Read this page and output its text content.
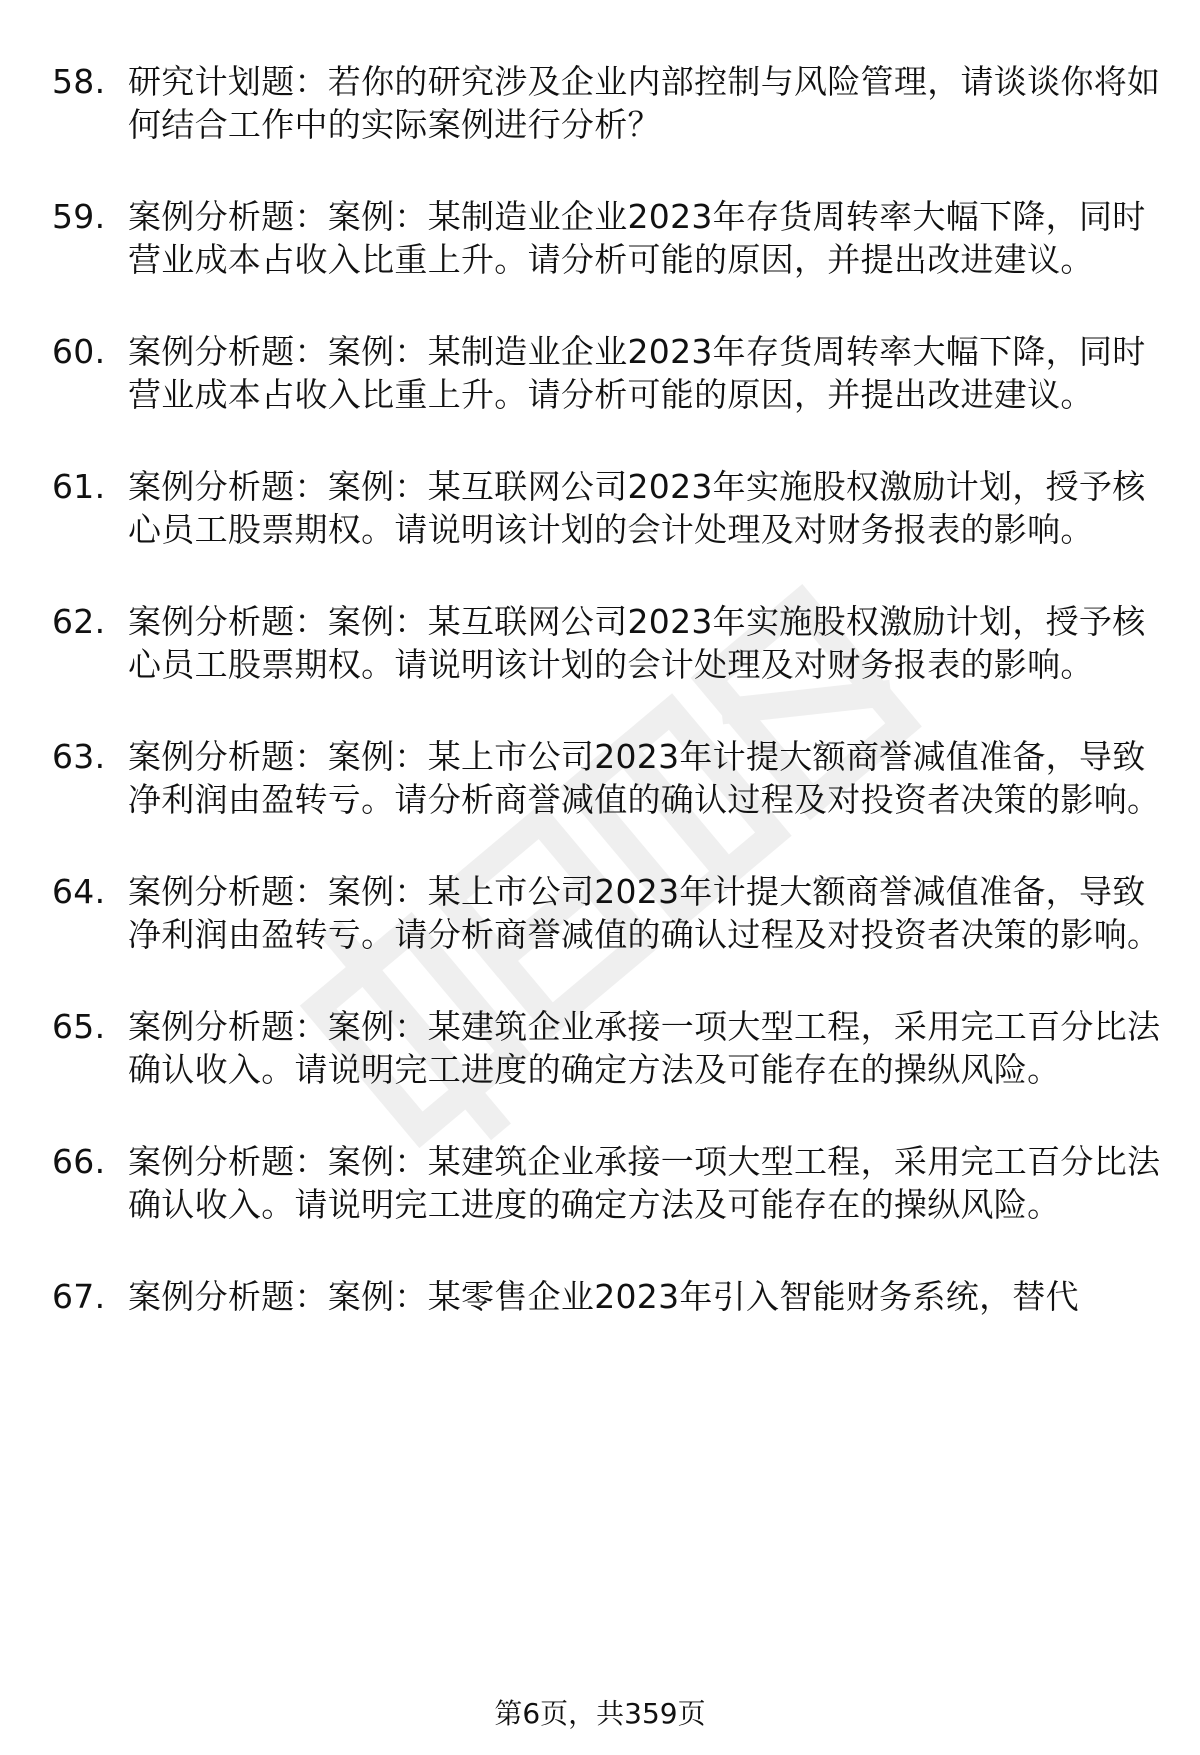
58. 研究计划题：若你的研究涉及企业内部控制与风险管理，请谈谈你将如何结合工作中的实际案例进行分析？
59. 案例分析题：案例：某制造业企业2023年存货周转率大幅下降，同时营业成本占收入比重上升。请分析可能的原因，并提出改进建议。
60. 案例分析题：案例：某制造业企业2023年存货周转率大幅下降，同时营业成本占收入比重上升。请分析可能的原因，并提出改进建议。
61. 案例分析题：案例：某互联网公司2023年实施股权激励计划，授予核心员工股票期权。请说明该计划的会计处理及对财务报表的影响。
62. 案例分析题：案例：某互联网公司2023年实施股权激励计划，授予核心员工股票期权。请说明该计划的会计处理及对财务报表的影响。
63. 案例分析题：案例：某上市公司2023年计提大额商誉减值准备，导致净利润由盈转亏。请分析商誉减值的确认过程及对投资者决策的影响。
64. 案例分析题：案例：某上市公司2023年计提大额商誉减值准备，导致净利润由盈转亏。请分析商誉减值的确认过程及对投资者决策的影响。
65. 案例分析题：案例：某建筑企业承接一项大型工程，采用完工百分比法确认收入。请说明完工进度的确定方法及可能存在的操纵风险。
66. 案例分析题：案例：某建筑企业承接一项大型工程，采用完工百分比法确认收入。请说明完工进度的确定方法及可能存在的操纵风险。
67. 案例分析题：案例：某零售企业2023年引入智能财务系统，替代
第6页，共359页
